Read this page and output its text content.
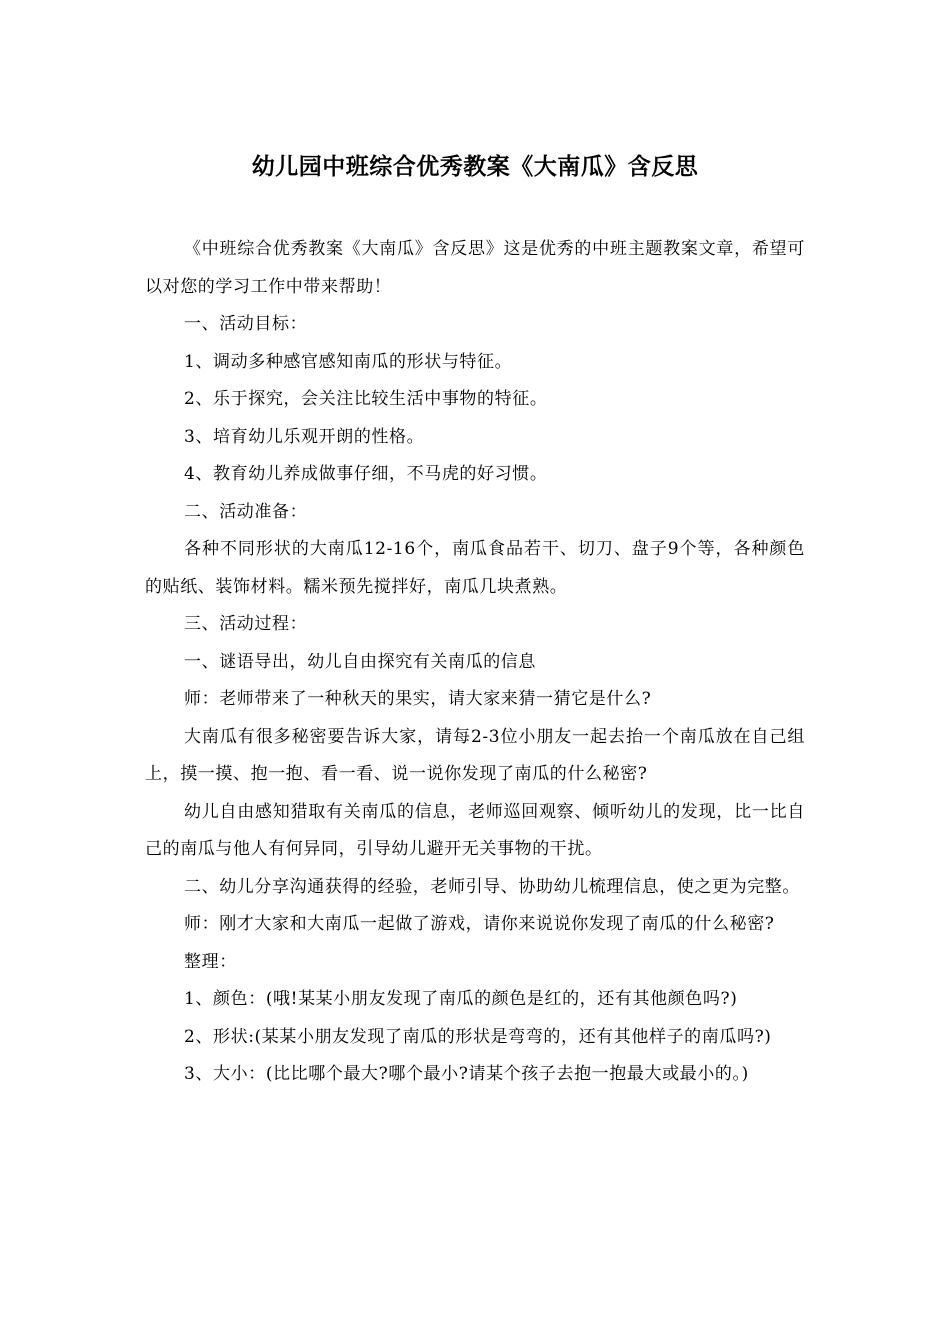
幼儿园中班综合优秀教案《大南瓜》含反思

《中班综合优秀教案《大南瓜》含反思》这是优秀的中班主题教案文章，希望可以对您的学习工作中带来帮助！

一、活动目标：

1、调动多种感官感知南瓜的形状与特征。

2、乐于探究，会关注比较生活中事物的特征。

3、培育幼儿乐观开朗的性格。

4、教育幼儿养成做事仔细，不马虎的好习惯。

二、活动准备：

各种不同形状的大南瓜12-16个，南瓜食品若干、切刀、盘子9个等，各种颜色的贴纸、装饰材料。糯米预先搅拌好，南瓜几块煮熟。

三、活动过程：

一、谜语导出，幼儿自由探究有关南瓜的信息

师：老师带来了一种秋天的果实，请大家来猜一猜它是什么?

大南瓜有很多秘密要告诉大家，请每2-3位小朋友一起去抬一个南瓜放在自己组上，摸一摸、抱一抱、看一看、说一说你发现了南瓜的什么秘密?

幼儿自由感知猎取有关南瓜的信息，老师巡回观察、倾听幼儿的发现，比一比自己的南瓜与他人有何异同，引导幼儿避开无关事物的干扰。

二、幼儿分享沟通获得的经验，老师引导、协助幼儿梳理信息，使之更为完整。

师：刚才大家和大南瓜一起做了游戏，请你来说说你发现了南瓜的什么秘密?

整理：

1、颜色：(哦!某某小朋友发现了南瓜的颜色是红的，还有其他颜色吗?)

2、形状:(某某小朋友发现了南瓜的形状是弯弯的，还有其他样子的南瓜吗?)

3、大小：(比比哪个最大?哪个最小?请某个孩子去抱一抱最大或最小的。)
